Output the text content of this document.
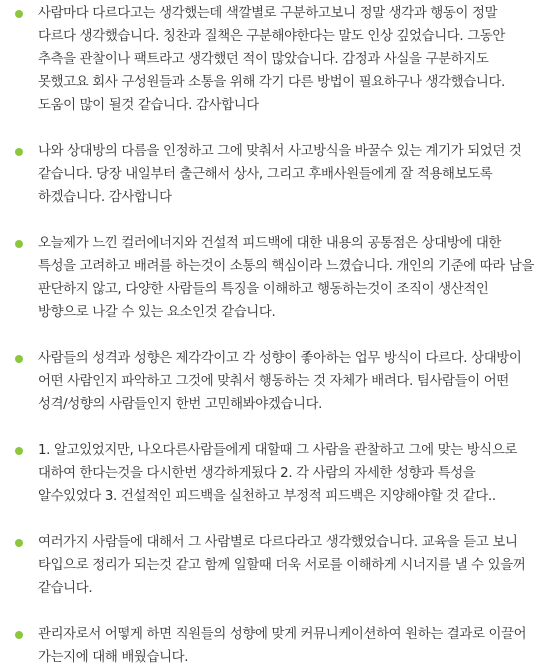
사람마다 다르다고는 생각했는데 색깔별로 구분하고보니 정말 생각과 행동이 정말 다르다 생각했습니다. 칭찬과 질책은 구분해야한다는 말도 인상 깊었습니다. 그동안 추측을 관찰이나 팩트라고 생각했던 적이 많았습니다. 감정과 사실을 구분하지도 못했고요 회사 구성원들과 소통을 위해 각기 다른 방법이 필요하구나 생각했습니다. 도움이 많이 될것 같습니다. 감사합니다
나와 상대방의 다름을 인정하고 그에 맞춰서 사고방식을 바꿀수 있는 계기가 되었던 것 같습니다. 당장 내일부터 출근해서 상사, 그리고 후배사원들에게 잘 적용해보도록 하겠습니다. 감사합니다
오늘제가 느낀 컬러에너지와 건설적 피드백에 대한 내용의 공통점은 상대방에 대한 특성을 고려하고 배려를 하는것이 소통의 핵심이라 느꼈습니다. 개인의 기준에 따라 남을 판단하지 않고, 다양한 사람들의 특징을 이해하고 행동하는것이 조직이 생산적인 방향으로 나갈 수 있는 요소인것 같습니다.
사람들의 성격과 성향은 제각각이고 각 성향이 좋아하는 업무 방식이 다르다. 상대방이 어떤 사람인지 파악하고 그것에 맞춰서 행동하는 것 자체가 배려다. 팀사람들이 어떤 성격/성향의 사람들인지 한번 고민해봐야겠습니다.
1. 알고있었지만, 나오다른사람들에게 대할때 그 사람을 관찰하고 그에 맞는 방식으로 대하여 한다는것을 다시한번 생각하게됬다 2. 각 사람의 자세한 성향과 특성을 알수있었다 3. 건설적인 피드백을 실천하고 부정적 피드백은 지양해야할 것 같다..
여러가지 사람들에 대해서 그 사람별로 다르다라고 생각했었습니다. 교육을 듣고 보니 타입으로 정리가 되는것 같고 함께 일할때 더욱 서로를 이해하게 시너지를 낼 수 있을꺼 같습니다.
관리자로서 어떻게 하면 직원들의 성향에 맞게 커뮤니케이션하여 원하는 결과로 이끌어 가는지에 대해 배웠습니다.
